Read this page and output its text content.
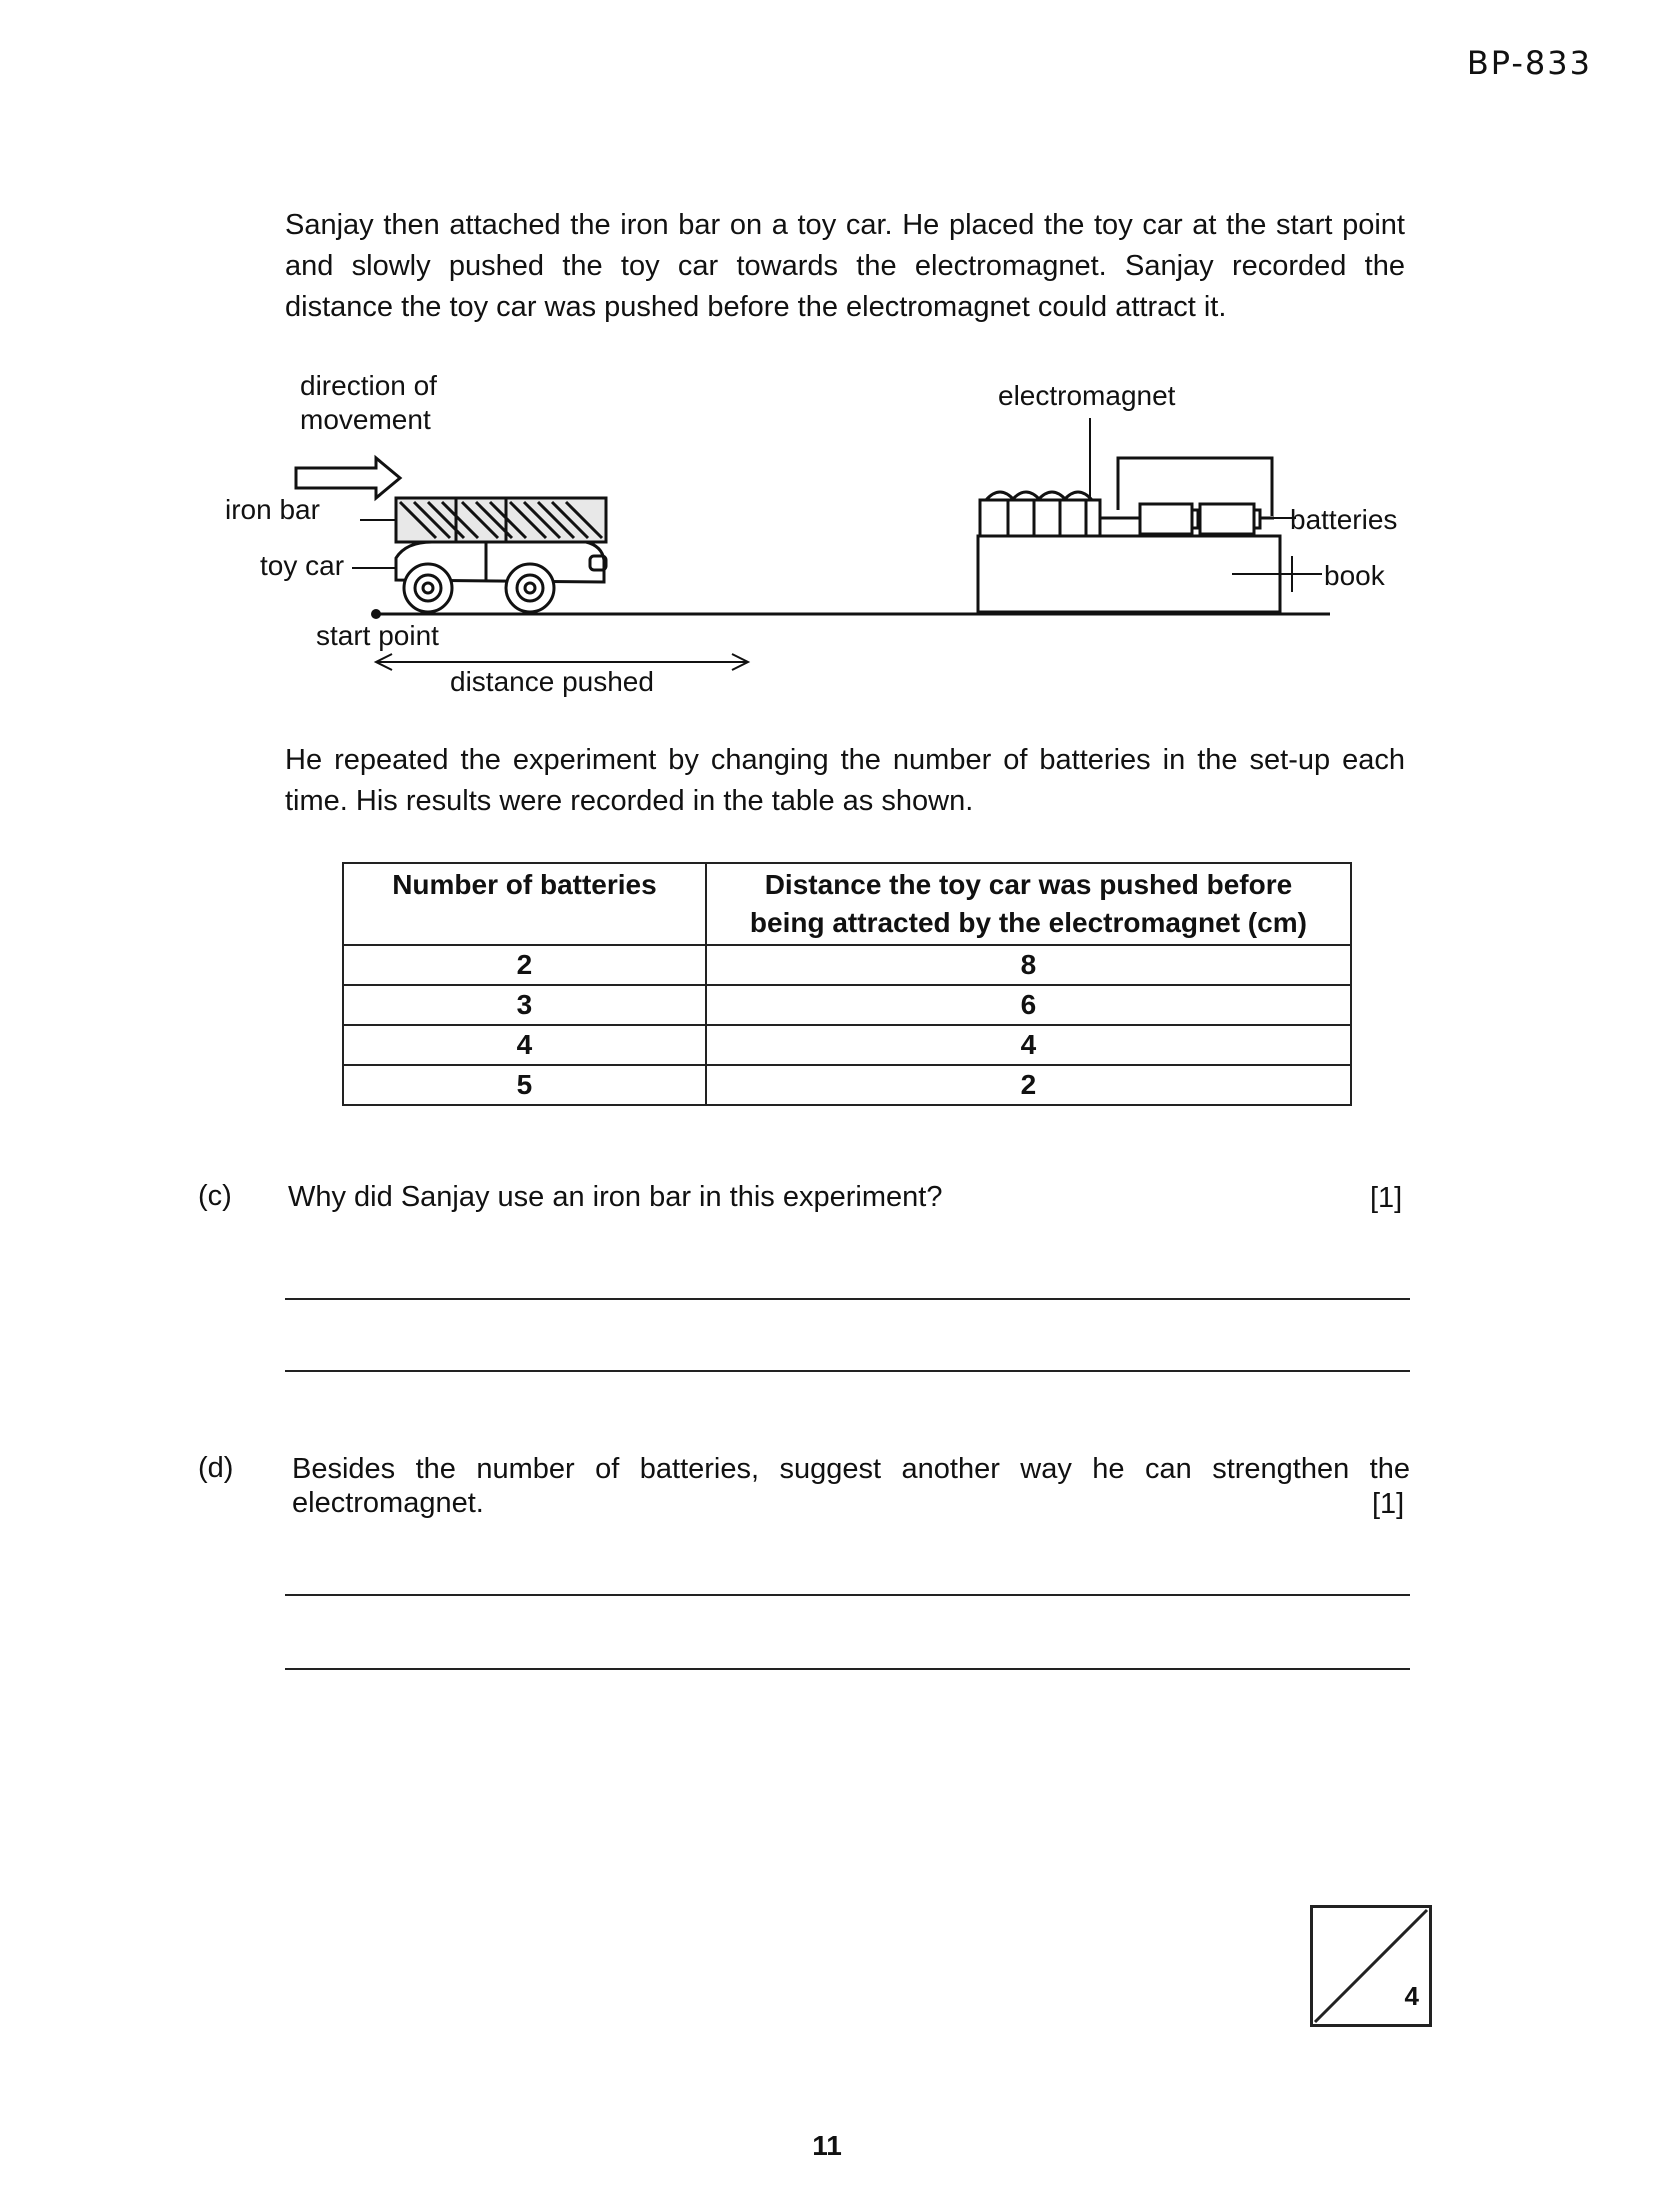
BP-833
Sanjay then attached the iron bar on a toy car. He placed the toy car at the start point and slowly pushed the toy car towards the electromagnet. Sanjay recorded the distance the toy car was pushed before the electromagnet could attract it.
direction of
movement
iron bar
toy car
start point
distance pushed
electromagnet
batteries
book
He repeated the experiment by changing the number of batteries in the set-up each time. His results were recorded in the table as shown.
Number of batteries	Distance the toy car was pushed before
being attracted by the electromagnet (cm)

2	8
3	6
4	4
5	2
(c) Why did Sanjay use an iron bar in this experiment?	[1]
(d) Besides the number of batteries, suggest another way he can strengthen the
electromagnet.	[1]
4
11
